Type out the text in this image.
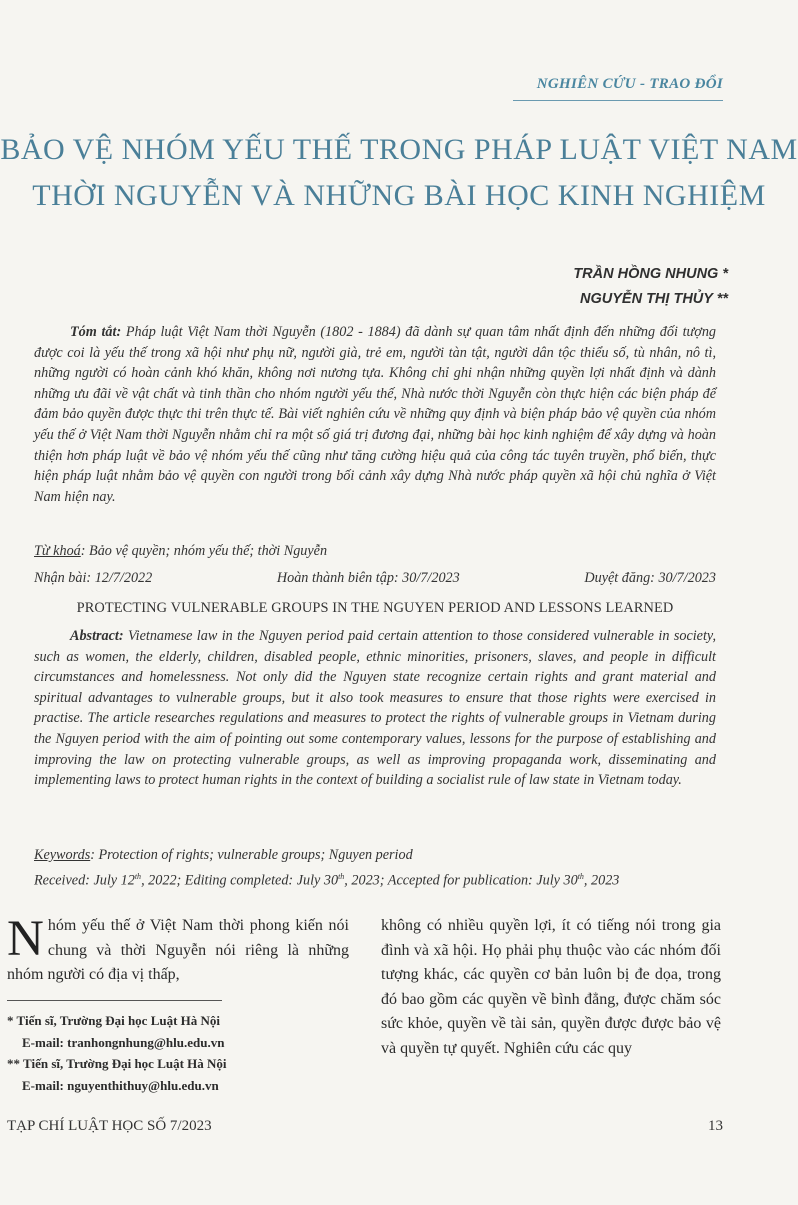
NGHIÊN CỨU - TRAO ĐỔI
BẢO VỆ NHÓM YẾU THẾ TRONG PHÁP LUẬT VIỆT NAM
THỜI NGUYỄN VÀ NHỮNG BÀI HỌC KINH NGHIỆM
TRẦN HỒNG NHUNG *
NGUYỄN THỊ THỦY **
Tóm tắt: Pháp luật Việt Nam thời Nguyễn (1802 - 1884) đã dành sự quan tâm nhất định đến những đối tượng được coi là yếu thế trong xã hội như phụ nữ, người già, trẻ em, người tàn tật, người dân tộc thiểu số, tù nhân, nô tì, những người có hoàn cảnh khó khăn, không nơi nương tựa. Không chỉ ghi nhận những quyền lợi nhất định và dành những ưu đãi về vật chất và tinh thần cho nhóm người yếu thế, Nhà nước thời Nguyễn còn thực hiện các biện pháp để đảm bảo quyền được thực thi trên thực tế. Bài viết nghiên cứu về những quy định và biện pháp bảo vệ quyền của nhóm yếu thế ở Việt Nam thời Nguyễn nhằm chỉ ra một số giá trị đương đại, những bài học kinh nghiệm để xây dựng và hoàn thiện hơn pháp luật về bảo vệ nhóm yếu thế cũng như tăng cường hiệu quả của công tác tuyên truyền, phổ biến, thực hiện pháp luật nhằm bảo vệ quyền con người trong bối cảnh xây dựng Nhà nước pháp quyền xã hội chủ nghĩa ở Việt Nam hiện nay.
Từ khoá: Bảo vệ quyền; nhóm yếu thế; thời Nguyễn
Nhận bài: 12/7/2022	Hoàn thành biên tập: 30/7/2023	Duyệt đăng: 30/7/2023
PROTECTING VULNERABLE GROUPS IN THE NGUYEN PERIOD AND LESSONS LEARNED
Abstract: Vietnamese law in the Nguyen period paid certain attention to those considered vulnerable in society, such as women, the elderly, children, disabled people, ethnic minorities, prisoners, slaves, and people in difficult circumstances and homelessness. Not only did the Nguyen state recognize certain rights and grant material and spiritual advantages to vulnerable groups, but it also took measures to ensure that those rights were exercised in practise. The article researches regulations and measures to protect the rights of vulnerable groups in Vietnam during the Nguyen period with the aim of pointing out some contemporary values, lessons for the purpose of establishing and improving the law on protecting vulnerable groups, as well as improving propaganda work, disseminating and implementing laws to protect human rights in the context of building a socialist rule of law state in Vietnam today.
Keywords: Protection of rights; vulnerable groups; Nguyen period
Received: July 12th, 2022; Editing completed: July 30th, 2023; Accepted for publication: July 30th, 2023
Nhóm yếu thế ở Việt Nam thời phong kiến nói chung và thời Nguyễn nói riêng là những nhóm người có địa vị thấp,
không có nhiều quyền lợi, ít có tiếng nói trong gia đình và xã hội. Họ phải phụ thuộc vào các nhóm đối tượng khác, các quyền cơ bản luôn bị đe dọa, trong đó bao gồm các quyền về bình đẳng, được chăm sóc sức khỏe, quyền về tài sản, quyền được được bảo vệ và quyền tự quyết. Nghiên cứu các quy
* Tiến sĩ, Trường Đại học Luật Hà Nội
E-mail: tranhongnhung@hlu.edu.vn
** Tiến sĩ, Trường Đại học Luật Hà Nội
E-mail: nguyenthithuy@hlu.edu.vn
TẠP CHÍ LUẬT HỌC SỐ 7/2023	13
